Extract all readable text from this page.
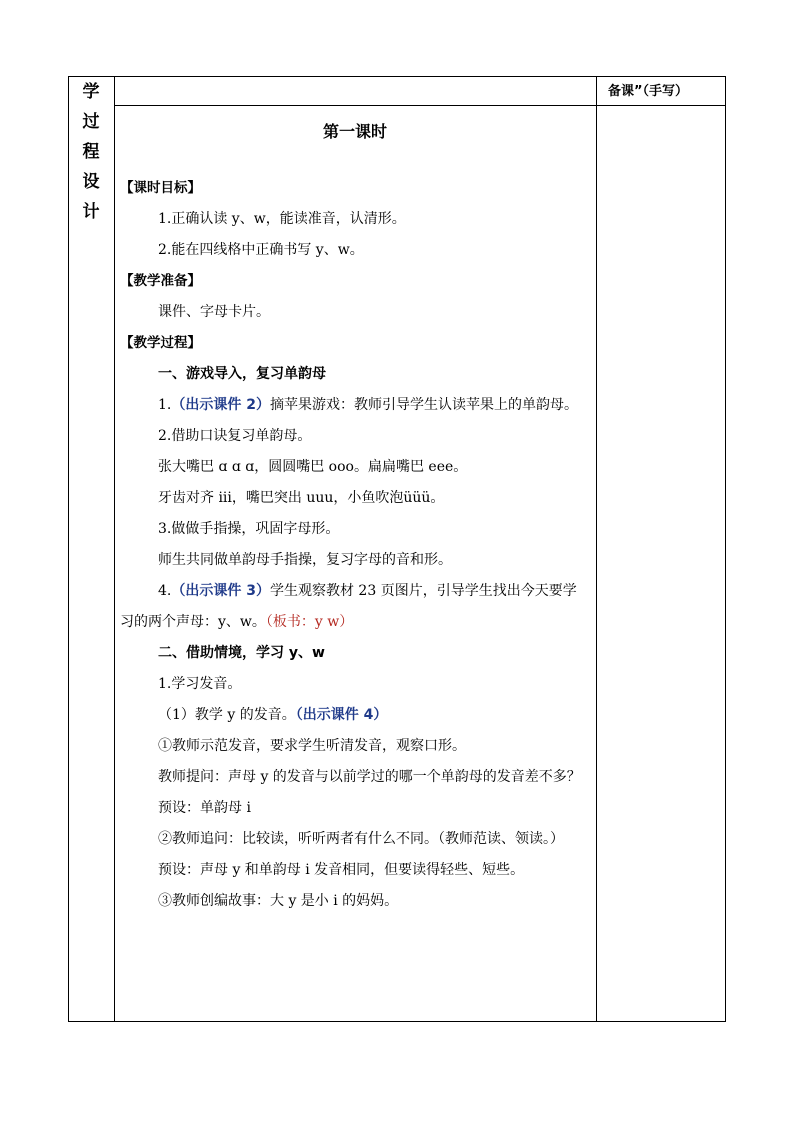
学
过
程
设
计
备课”（手写）
第一课时

【课时目标】

1.正确认读 y、w，能读准音，认清形。

2.能在四线格中正确书写 y、w。

【教学准备】

课件、字母卡片。

【教学过程】

一、游戏导入，复习单韵母

1.（出示课件 2）摘苹果游戏：教师引导学生认读苹果上的单韵母。

2.借助口诀复习单韵母。

张大嘴巴 ɑ ɑ ɑ，圆圆嘴巴 ooo。扁扁嘴巴 eee。

牙齿对齐 iii，嘴巴突出 uuu，小鱼吹泡üüü。

3.做做手指操，巩固字母形。

师生共同做单韵母手指操，复习字母的音和形。

4.（出示课件 3）学生观察教材 23 页图片，引导学生找出今天要学习的两个声母：y、w。（板书：y w）

二、借助情境，学习 y、w

1.学习发音。

（1）教学 y 的发音。（出示课件 4）

①教师示范发音，要求学生听清发音，观察口形。

教师提问：声母 y 的发音与以前学过的哪一个单韵母的发音差不多？

预设：单韵母 i

②教师追问：比较读，听听两者有什么不同。（教师范读、领读。）

预设：声母 y 和单韵母 i 发音相同，但要读得轻些、短些。

③教师创编故事：大 y 是小 i 的妈妈。
